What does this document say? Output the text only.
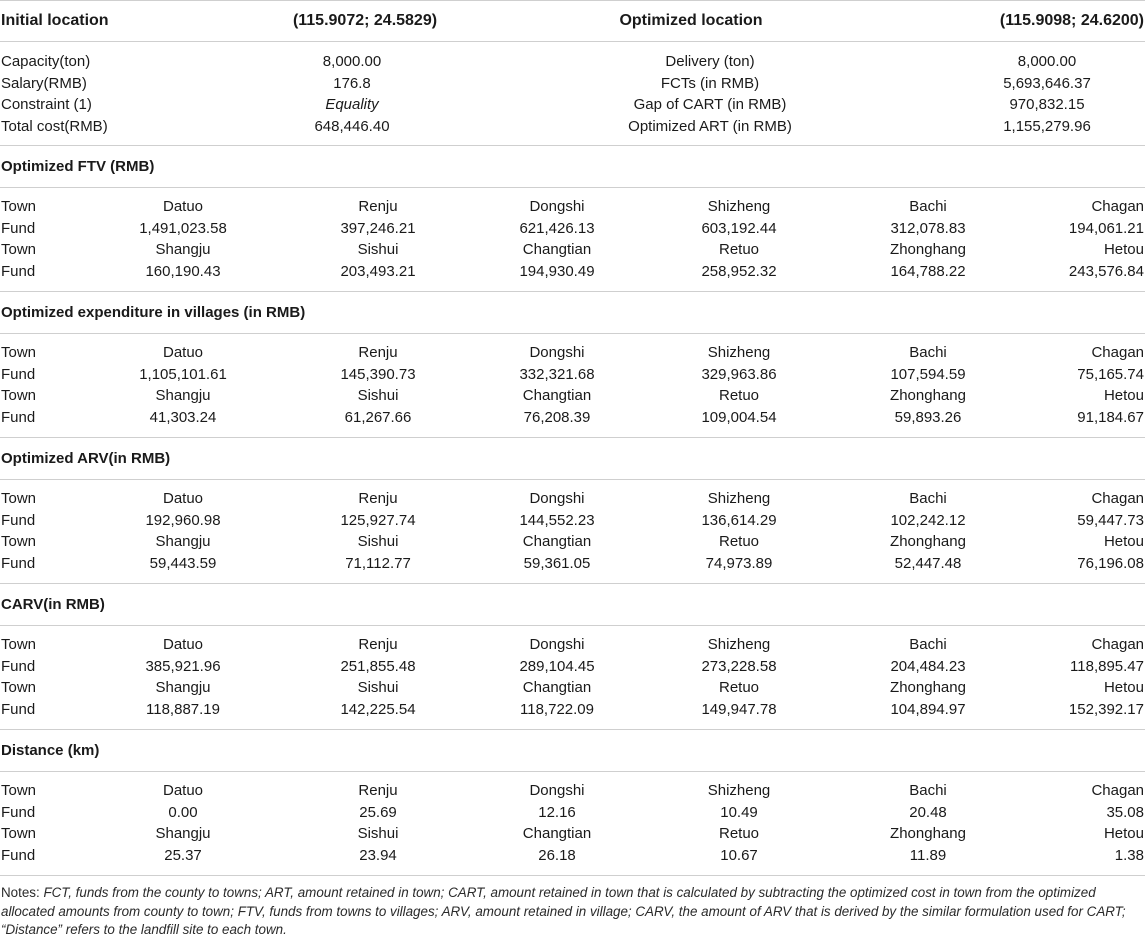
Initial location	(115.9072; 24.5829)	Optimized location	(115.9098; 24.6200)
Capacity(ton)	8,000.00	Delivery (ton)	8,000.00
Salary(RMB)	176.8	FCTs (in RMB)	5,693,646.37
Constraint (1)	Equality	Gap of CART (in RMB)	970,832.15
Total cost(RMB)	648,446.40	Optimized ART (in RMB)	1,155,279.96
Optimized FTV (RMB)
Town	Datuo	Renju	Dongshi	Shizheng	Bachi	Chagan
Fund	1,491,023.58	397,246.21	621,426.13	603,192.44	312,078.83	194,061.21
Town	Shangju	Sishui	Changtian	Retuo	Zhonghang	Hetou
Fund	160,190.43	203,493.21	194,930.49	258,952.32	164,788.22	243,576.84
Optimized expenditure in villages (in RMB)
Town	Datuo	Renju	Dongshi	Shizheng	Bachi	Chagan
Fund	1,105,101.61	145,390.73	332,321.68	329,963.86	107,594.59	75,165.74
Town	Shangju	Sishui	Changtian	Retuo	Zhonghang	Hetou
Fund	41,303.24	61,267.66	76,208.39	109,004.54	59,893.26	91,184.67
Optimized ARV(in RMB)
Town	Datuo	Renju	Dongshi	Shizheng	Bachi	Chagan
Fund	192,960.98	125,927.74	144,552.23	136,614.29	102,242.12	59,447.73
Town	Shangju	Sishui	Changtian	Retuo	Zhonghang	Hetou
Fund	59,443.59	71,112.77	59,361.05	74,973.89	52,447.48	76,196.08
CARV(in RMB)
Town	Datuo	Renju	Dongshi	Shizheng	Bachi	Chagan
Fund	385,921.96	251,855.48	289,104.45	273,228.58	204,484.23	118,895.47
Town	Shangju	Sishui	Changtian	Retuo	Zhonghang	Hetou
Fund	118,887.19	142,225.54	118,722.09	149,947.78	104,894.97	152,392.17
Distance (km)
Town	Datuo	Renju	Dongshi	Shizheng	Bachi	Chagan
Fund	0.00	25.69	12.16	10.49	20.48	35.08
Town	Shangju	Sishui	Changtian	Retuo	Zhonghang	Hetou
Fund	25.37	23.94	26.18	10.67	11.89	1.38
Notes: FCT, funds from the county to towns; ART, amount retained in town; CART, amount retained in town that is calculated by subtracting the optimized cost in town from the optimized allocated amounts from county to town; FTV, funds from towns to villages; ARV, amount retained in village; CARV, the amount of ARV that is derived by the similar formulation used for CART; “Distance” refers to the landfill site to each town.
